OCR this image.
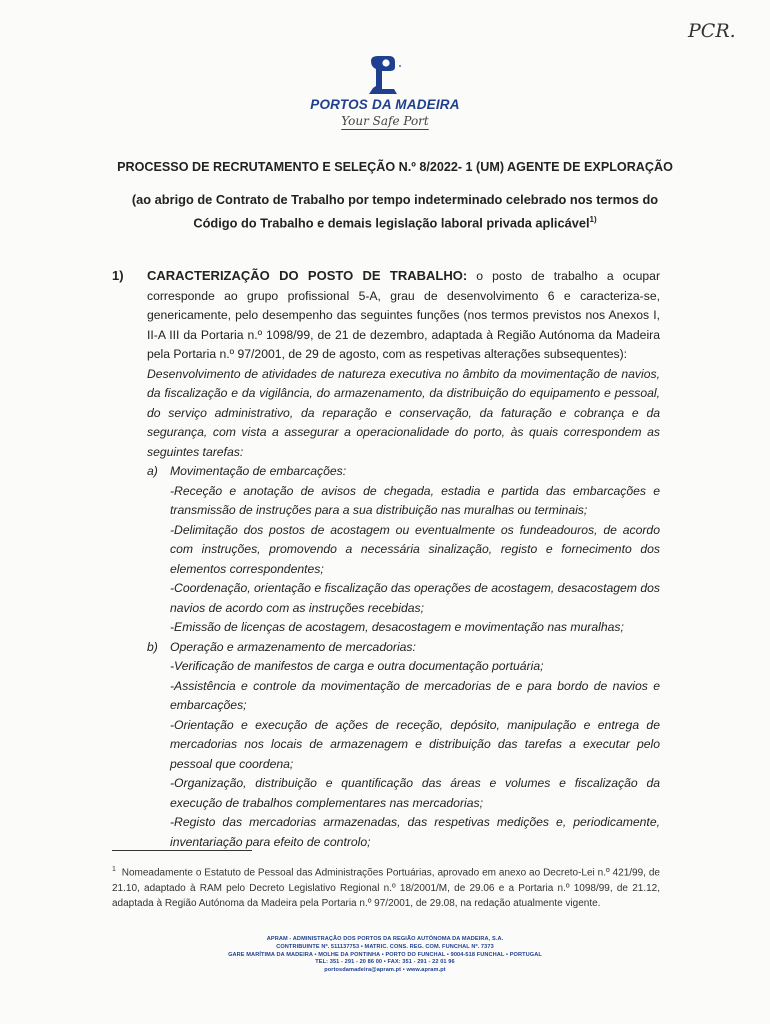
PCR.
PORTOS DA MADEIRA
Your Safe Port
PROCESSO DE RECRUTAMENTO E SELEÇÃO N.º 8/2022- 1 (UM) AGENTE DE EXPLORAÇÃO

(ao abrigo de Contrato de Trabalho por tempo indeterminado celebrado nos termos do
Código do Trabalho e demais legislação laboral privada aplicável$^{1)}$

1) CARACTERIZAÇÃO DO POSTO DE TRABALHO: o posto de trabalho a ocupar corresponde ao grupo profissional 5-A, grau de desenvolvimento 6 e caracteriza-se, genericamente, pelo desempenho das seguintes funções (nos termos previstos nos Anexos I, II-A III da Portaria n.º 1098/99, de 21 de dezembro, adaptada à Região Autónoma da Madeira pela Portaria n.º 97/2001, de 29 de agosto, com as respetivas alterações subsequentes):

Desenvolvimento de atividades de natureza executiva no âmbito da movimentação de navios, da fiscalização e da vigilância, do armazenamento, da distribuição do equipamento e pessoal, do serviço administrativo, da reparação e conservação, da faturação e cobrança e da segurança, com vista a assegurar a operacionalidade do porto, às quais correspondem as seguintes tarefas:

a) Movimentação de embarcações:
-Receção e anotação de avisos de chegada, estadia e partida das embarcações e transmissão de instruções para a sua distribuição nas muralhas ou terminais;
-Delimitação dos postos de acostagem ou eventualmente os fundeadouros, de acordo com instruções, promovendo a necessária sinalização, registo e fornecimento dos elementos correspondentes;
-Coordenação, orientação e fiscalização das operações de acostagem, desacostagem dos navios de acordo com as instruções recebidas;
-Emissão de licenças de acostagem, desacostagem e movimentação nas muralhas;
b) Operação e armazenamento de mercadorias:
-Verificação de manifestos de carga e outra documentação portuária;
-Assistência e controle da movimentação de mercadorias de e para bordo de navios e embarcações;
-Orientação e execução de ações de receção, depósito, manipulação e entrega de mercadorias nos locais de armazenagem e distribuição das tarefas a executar pelo pessoal que coordena;
-Organização, distribuição e quantificação das áreas e volumes e fiscalização da execução de trabalhos complementares nas mercadorias;
-Registo das mercadorias armazenadas, das respetivas medições e, periodicamente, inventariação para efeito de controlo;
$^1$ Nomeadamente o Estatuto de Pessoal das Administrações Portuárias, aprovado em anexo ao Decreto-Lei n.º 421/99, de 21.10, adaptado à RAM pelo Decreto Legislativo Regional n.º 18/2001/M, de 29.06 e a Portaria n.º 1098/99, de 21.12, adaptada à Região Autónoma da Madeira pela Portaria n.º 97/2001, de 29.08, na redação atualmente vigente.
APRAM - ADMINISTRAÇÃO DOS PORTOS DA REGIÃO AUTÓNOMA DA MADEIRA, S.A.
CONTRIBUINTE Nº. 511137753 • MATRIC. CONS. REG. COM. FUNCHAL Nº. 7373
GARE MARÍTIMA DA MADEIRA • MOLHE DA PONTINHA • PORTO DO FUNCHAL • 9004-518 FUNCHAL • PORTUGAL
TEL: 351 - 291 - 20 86 00 • FAX: 351 - 291 - 22 01 96
portosdamadeira@apram.pt • www.apram.pt
